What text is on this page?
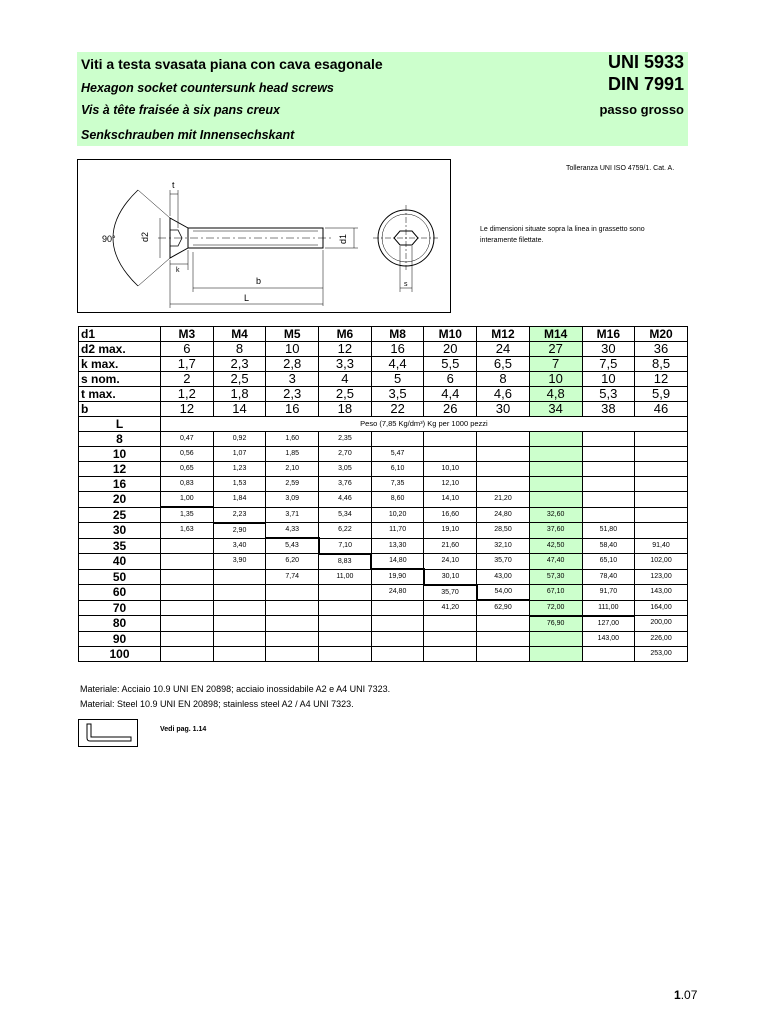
Viti a testa svasata piana con cava esagonale
Hexagon socket countersunk head screws
Vis à tête fraisée à six pans creux
Senkschrauben mit Innensechskant
UNI 5933
DIN 7991
passo grosso
90°
t
d2
k
b
L
d1
s
Tolleranza UNI ISO 4759/1. Cat. A.
Le dimensioni situate sopra la linea in grassetto sono interamente filettate.
d1	M3	M4	M5	M6	M8	M10	M12	M14	M16	M20
d2 max.	6	8	10	12	16	20	24	27	30	36
k max.	1,7	2,3	2,8	3,3	4,4	5,5	6,5	7	7,5	8,5
s nom.	2	2,5	3	4	5	6	8	10	10	12
t max.	1,2	1,8	2,3	2,5	3,5	4,4	4,6	4,8	5,3	5,9
b	12	14	16	18	22	26	30	34	38	46
L	Peso (7,85 Kg/dm³) Kg per 1000 pezzi									
8	0,47	0,92	1,60	2,35						
10	0,56	1,07	1,85	2,70	5,47					
12	0,65	1,23	2,10	3,05	6,10	10,10				
16	0,83	1,53	2,59	3,76	7,35	12,10				
20	1,00	1,84	3,09	4,46	8,60	14,10	21,20			
25	1,35	2,23	3,71	5,34	10,20	16,60	24,80	32,60		
30	1,63	2,90	4,33	6,22	11,70	19,10	28,50	37,60	51,80	
35		3,40	5,43	7,10	13,30	21,60	32,10	42,50	58,40	91,40
40		3,90	6,20	8,83	14,80	24,10	35,70	47,40	65,10	102,00
50			7,74	11,00	19,90	30,10	43,00	57,30	78,40	123,00
60					24,80	35,70	54,00	67,10	91,70	143,00
70						41,20	62,90	72,00	111,00	164,00
80								76,90	127,00	200,00
90									143,00	226,00
100										253,00
Materiale: Acciaio 10.9 UNI EN 20898; acciaio inossidabile A2 e A4 UNI 7323.
Material: Steel 10.9 UNI EN 20898; stainless steel A2 / A4 UNI 7323.
Vedi pag. 1.14
1.07
